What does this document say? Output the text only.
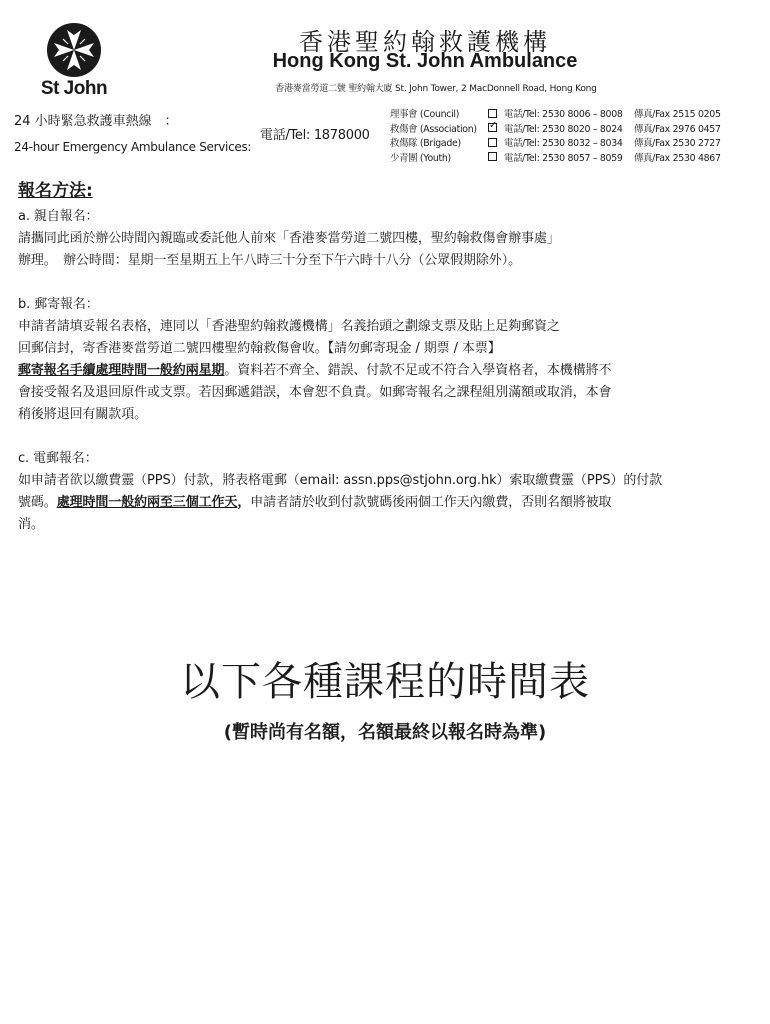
St John
香港聖約翰救護機構
Hong Kong St. John Ambulance
香港麥當勞道二號 聖約翰大廈 St. John Tower, 2 MacDonnell Road, Hong Kong
24 小時緊急救護車熱線　：
24-hour Emergency Ambulance Services:
電話/Tel: 1878000
理事會 (Council)	電話/Tel: 2530 8006 – 8008	傳真/Fax 2515 0205
救傷會 (Association)
✓	電話/Tel: 2530 8020 – 8024	傳真/Fax 2976 0457
救傷隊 (Brigade)	電話/Tel: 2530 8032 – 8034	傳真/Fax 2530 2727
少青團 (Youth)	電話/Tel: 2530 8057 – 8059	傳真/Fax 2530 4867
報名方法:

a. 親自報名：

請攜同此函於辦公時間內親臨或委託他人前來「香港麥當勞道二號四樓，聖約翰救傷會辦事處」

辦理。　辦公時間：星期一至星期五上午八時三十分至下午六時十八分（公眾假期除外）。

b. 郵寄報名：

申請者請填妥報名表格，連同以「香港聖約翰救護機構」名義抬頭之劃線支票及貼上足夠郵資之

回郵信封，寄香港麥當勞道二號四樓聖約翰救傷會收。【請勿郵寄現金 / 期票 / 本票】

郵寄報名手續處理時間一般約兩星期。資料若不齊全、錯誤、付款不足或不符合入學資格者，本機構將不

會接受報名及退回原件或支票。若因郵遞錯誤，本會恕不負責。如郵寄報名之課程組別滿額或取消，本會

稍後將退回有關款項。

c. 電郵報名：

如申請者欲以繳費靈（PPS）付款，將表格電郵（email: assn.pps@stjohn.org.hk）索取繳費靈（PPS）的付款

號碼。處理時間一般約兩至三個工作天，申請者請於收到付款號碼後兩個工作天內繳費，否則名額將被取

消。

以下各種課程的時間表
(暫時尚有名額，名額最終以報名時為準)
